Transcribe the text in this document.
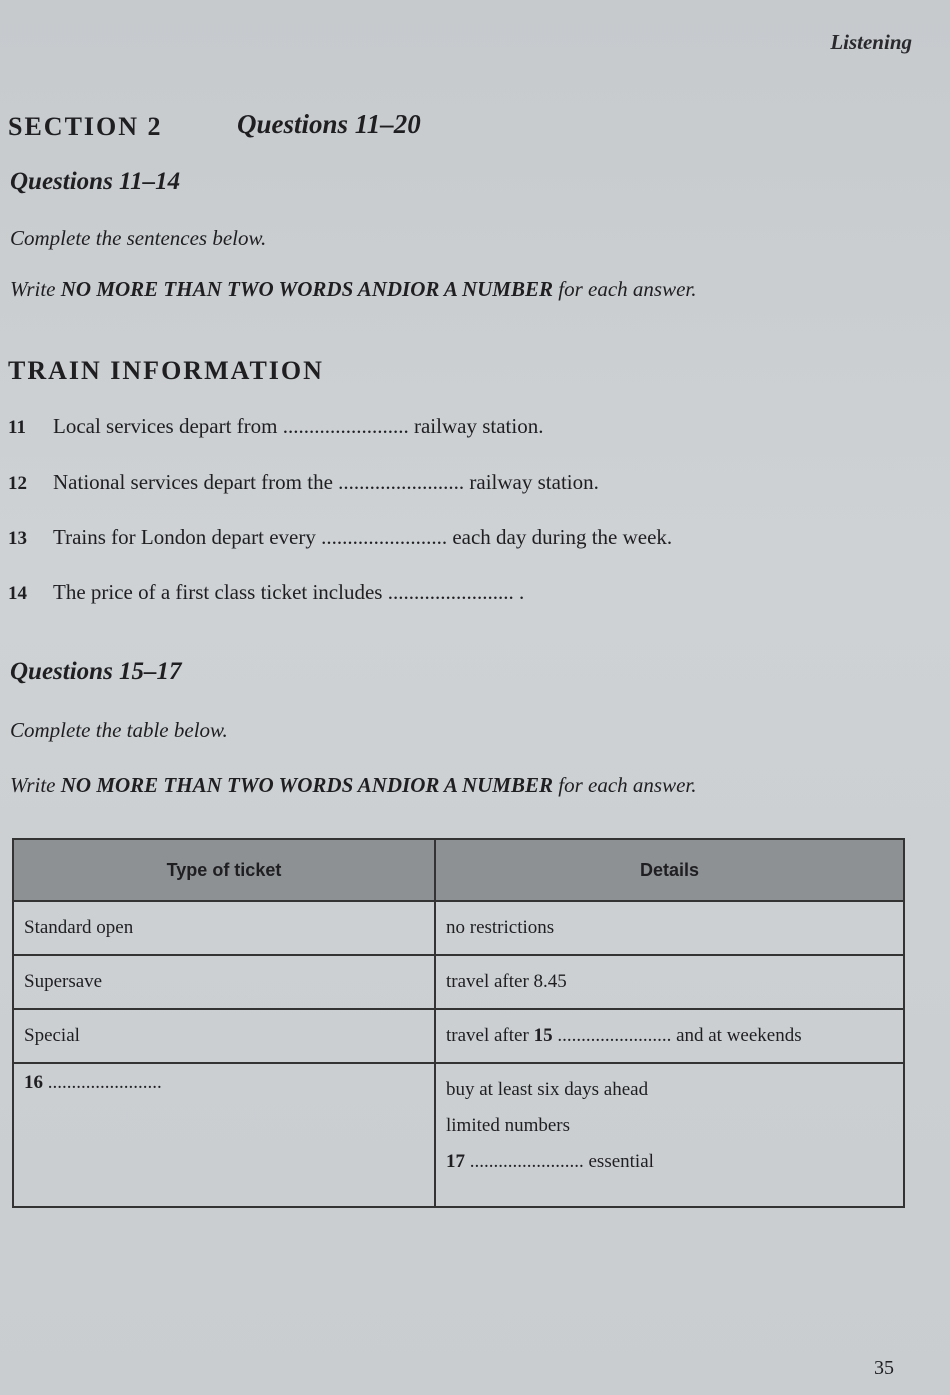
Listening
SECTION 2	Questions 11–20
Questions 11–14
Complete the sentences below.
Write NO MORE THAN TWO WORDS ANDIOR A NUMBER for each answer.
TRAIN INFORMATION
11 Local services depart from ........................ railway station.
12 National services depart from the ........................ railway station.
13 Trains for London depart every ........................ each day during the week.
14 The price of a first class ticket includes ........................ .
Questions 15–17
Complete the table below.
Write NO MORE THAN TWO WORDS ANDIOR A NUMBER for each answer.
Type of ticket	Details
Standard open	no restrictions
Supersave	travel after 8.45
Special	travel after 15 ........................ and at weekends
16 ........................	buy at least six days ahead
limited numbers
17 ........................ essential
35
